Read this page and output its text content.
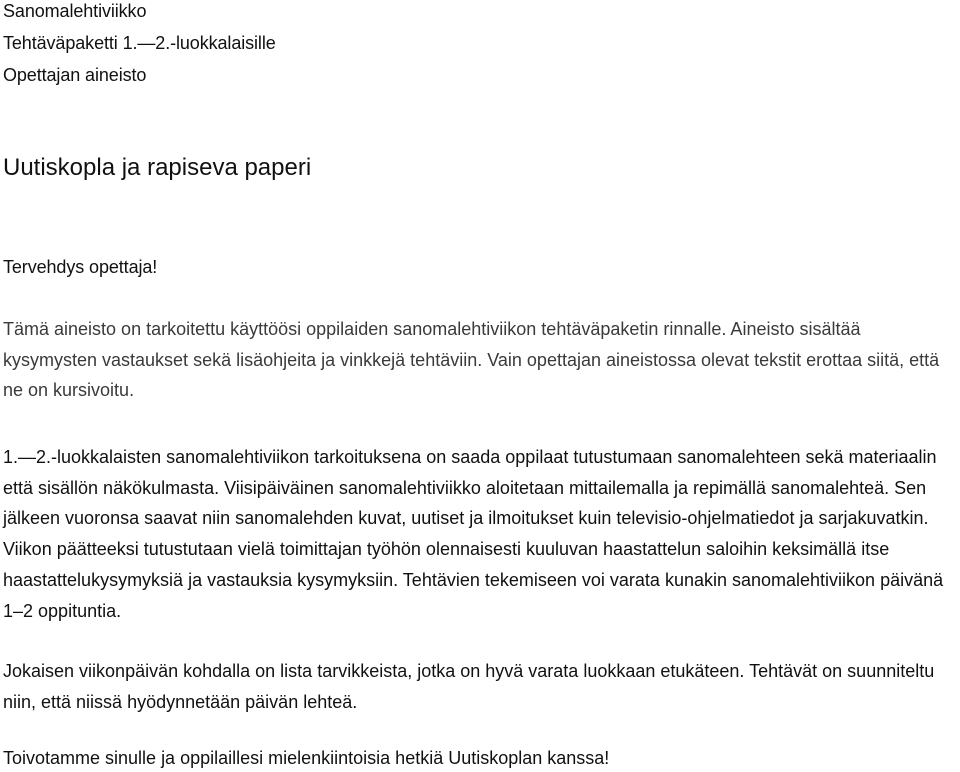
Sanomalehtiviikko
Tehtäväpaketti 1.—2.-luokkalaisille
Opettajan aineisto
Uutiskopla ja rapiseva paperi
Tervehdys opettaja!

Tämä aineisto on tarkoitettu käyttöösi oppilaiden sanomalehtiviikon tehtäväpaketin rinnalle. Aineisto sisältää kysymysten vastaukset sekä lisäohjeita ja vinkkejä tehtäviin. Vain opettajan aineistossa olevat tekstit erottaa siitä, että ne on kursivoitu.

1.—2.-luokkalaisten sanomalehtiviikon tarkoituksena on saada oppilaat tutustumaan sanomalehteen sekä materiaalin että sisällön näkökulmasta. Viisipäiväinen sanomalehtiviikko aloitetaan mittailemalla ja repimällä sanomalehteä. Sen jälkeen vuoronsa saavat niin sanomalehden kuvat, uutiset ja ilmoitukset kuin televisio-ohjelmatiedot ja sarjakuvatkin. Viikon päätteeksi tutustutaan vielä toimittajan työhön olennaisesti kuuluvan haastattelun saloihin keksimällä itse haastattelukysymyksiä ja vastauksia kysymyksiin. Tehtävien tekemiseen voi varata kunakin sanomalehtiviikon päivänä 1–2 oppituntia.

Jokaisen viikonpäivän kohdalla on lista tarvikkeista, jotka on hyvä varata luokkaan etukäteen. Tehtävät on suunniteltu niin, että niissä hyödynnetään päivän lehteä.

Toivotamme sinulle ja oppilaillesi mielenkiintoisia hetkiä Uutiskoplan kanssa!
